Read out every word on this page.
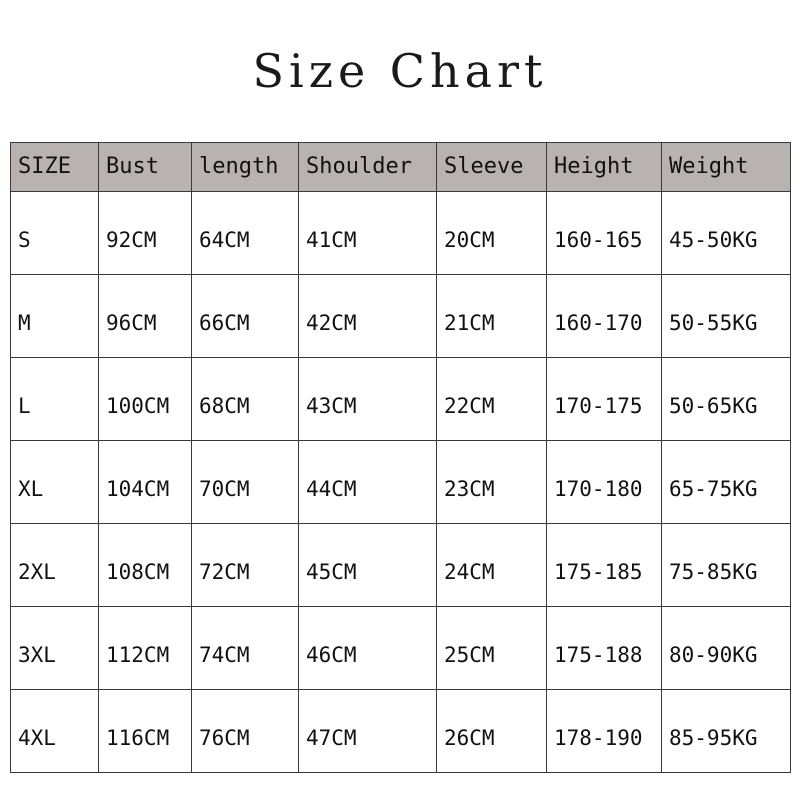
Size Chart
SIZE	Bust	length	Shoulder	Sleeve	Height	Weight
S	92CM	64CM	41CM	20CM	160-165	45-50KG
M	96CM	66CM	42CM	21CM	160-170	50-55KG
L	100CM	68CM	43CM	22CM	170-175	50-65KG
XL	104CM	70CM	44CM	23CM	170-180	65-75KG
2XL	108CM	72CM	45CM	24CM	175-185	75-85KG
3XL	112CM	74CM	46CM	25CM	175-188	80-90KG
4XL	116CM	76CM	47CM	26CM	178-190	85-95KG
